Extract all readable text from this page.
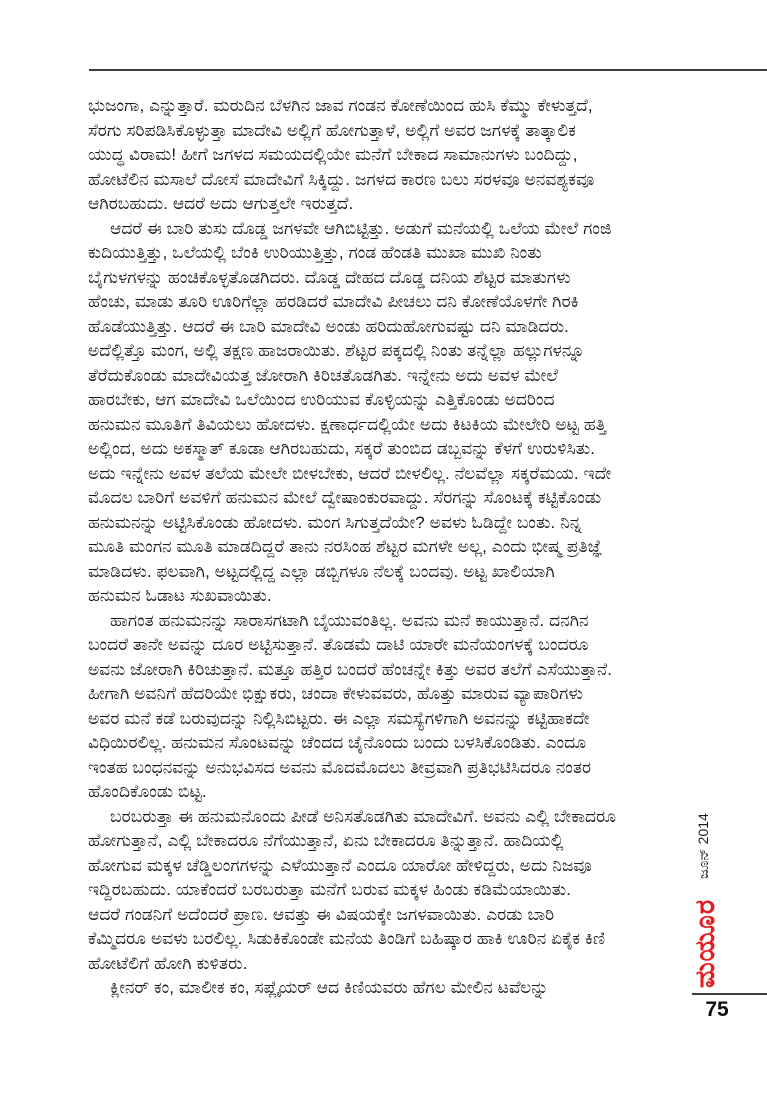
ಭುಜಂಗಾ, ಎನ್ನುತ್ತಾರೆ. ಮರುದಿನ ಬೆಳಗಿನ ಜಾವ ಗಂಡನ ಕೋಣೆಯಿಂದ ಹುಸಿ ಕೆಮ್ಮು ಕೇಳುತ್ತದೆ,
ಸೆರಗು ಸರಿಪಡಿಸಿಕೊಳ್ಳುತ್ತಾ ಮಾದೇವಿ ಅಲ್ಲಿಗೆ ಹೋಗುತ್ತಾಳೆ, ಅಲ್ಲಿಗೆ ಅವರ ಜಗಳಕ್ಕೆ ತಾತ್ಕಾಲಿಕ
ಯುದ್ಧ ವಿರಾಮ! ಹೀಗೆ ಜಗಳದ ಸಮಯದಲ್ಲಿಯೇ ಮನೆಗೆ ಬೇಕಾದ ಸಾಮಾನುಗಳು ಬಂದಿದ್ದು,
ಹೋಟೆಲಿನ ಮಸಾಲೆ ದೋಸೆ ಮಾದೇವಿಗೆ ಸಿಕ್ಕಿದ್ದು. ಜಗಳದ ಕಾರಣ ಬಲು ಸರಳವೂ ಅನವಶ್ಯಕವೂ
ಆಗಿರಬಹುದು. ಆದರೆ ಅದು ಆಗುತ್ತಲೇ ಇರುತ್ತದೆ.
ಆದರೆ ಈ ಬಾರಿ ತುಸು ದೊಡ್ಡ ಜಗಳವೇ ಆಗಿಬಿಟ್ಟಿತ್ತು. ಅಡುಗೆ ಮನೆಯಲ್ಲಿ ಒಲೆಯ ಮೇಲೆ ಗಂಜಿ
ಕುದಿಯುತ್ತಿತ್ತು, ಒಲೆಯಲ್ಲಿ ಬೆಂಕಿ ಉರಿಯುತ್ತಿತ್ತು, ಗಂಡ ಹೆಂಡತಿ ಮುಖಾ ಮುಖಿ ನಿಂತು
ಬೈಗುಳಗಳನ್ನು ಹಂಚಿಕೊಳ್ಳತೊಡಗಿದರು. ದೊಡ್ಡ ದೇಹದ ದೊಡ್ಡ ದನಿಯ ಶೆಟ್ಟರ ಮಾತುಗಳು
ಹೆಂಚು, ಮಾಡು ತೂರಿ ಊರಿಗೆಲ್ಲಾ ಹರಡಿದರೆ ಮಾದೇವಿ ಪೀಚಲು ದನಿ ಕೋಣೆಯೊಳಗೇ ಗಿರಕಿ
ಹೊಡೆಯುತ್ತಿತ್ತು. ಆದರೆ ಈ ಬಾರಿ ಮಾದೇವಿ ಅಂಡು ಹರಿದುಹೋಗುವಷ್ಟು ದನಿ ಮಾಡಿದರು.
ಅದೆಲ್ಲಿತ್ತೊ ಮಂಗ, ಅಲ್ಲಿ ತಕ್ಷಣ ಹಾಜರಾಯಿತು. ಶೆಟ್ಟರ ಪಕ್ಕದಲ್ಲಿ ನಿಂತು ತನ್ನೆಲ್ಲಾ ಹಲ್ಲುಗಳನ್ನೂ
ತೆರೆದುಕೊಂಡು ಮಾದೇವಿಯತ್ತ ಜೋರಾಗಿ ಕಿರಿಚತೊಡಗಿತು. ಇನ್ನೇನು ಅದು ಅವಳ ಮೇಲೆ
ಹಾರಬೇಕು, ಆಗ ಮಾದೇವಿ ಒಲೆಯಿಂದ ಉರಿಯುವ ಕೊಳ್ಳಿಯನ್ನು ಎತ್ತಿಕೊಂಡು ಅದರಿಂದ
ಹನುಮನ ಮೂತಿಗೆ ತಿವಿಯಲು ಹೋದಳು. ಕ್ಷಣಾರ್ಧದಲ್ಲಿಯೇ ಅದು ಕಿಟಕಿಯ ಮೇಲೇರಿ ಅಟ್ಟ ಹತ್ತಿ
ಅಲ್ಲಿಂದ, ಅದು ಅಕಸ್ಮಾತ್ ಕೂಡಾ ಆಗಿರಬಹುದು, ಸಕ್ಕರೆ ತುಂಬಿದ ಡಬ್ಬವನ್ನು ಕೆಳಗೆ ಉರುಳಿಸಿತು.
ಅದು ಇನ್ನೇನು ಅವಳ ತಲೆಯ ಮೇಲೇ ಬೀಳಬೇಕು, ಆದರೆ ಬೀಳಲಿಲ್ಲ. ನೆಲವೆಲ್ಲಾ ಸಕ್ಕರೆಮಯ. ಇದೇ
ಮೊದಲ ಬಾರಿಗೆ ಅವಳಿಗೆ ಹನುಮನ ಮೇಲೆ ದ್ವೇಷಾಂಕುರವಾದ್ದು. ಸೆರಗನ್ನು ಸೊಂಟಕ್ಕೆ ಕಟ್ಟಿಕೊಂಡು
ಹನುಮನನ್ನು ಅಟ್ಟಿಸಿಕೊಂಡು ಹೋದಳು. ಮಂಗ ಸಿಗುತ್ತದೆಯೇ? ಅವಳು ಓಡಿದ್ದೇ ಬಂತು. ನಿನ್ನ
ಮೂತಿ ಮಂಗನ ಮೂತಿ ಮಾಡದಿದ್ದರೆ ತಾನು ನರಸಿಂಹ ಶೆಟ್ಟರ ಮಗಳೇ ಅಲ್ಲ, ಎಂದು ಭೀಷ್ಮ ಪ್ರತಿಜ್ಞೆ
ಮಾಡಿದಳು. ಫಲವಾಗಿ, ಅಟ್ಟದಲ್ಲಿದ್ದ ಎಲ್ಲಾ ಡಬ್ಬಿಗಳೂ ನೆಲಕ್ಕೆ ಬಂದವು. ಅಟ್ಟ ಖಾಲಿಯಾಗಿ
ಹನುಮನ ಓಡಾಟ ಸುಖವಾಯಿತು.
ಹಾಗಂತ ಹನುಮನನ್ನು ಸಾರಾಸಗಟಾಗಿ ಬೈಯುವಂತಿಲ್ಲ. ಅವನು ಮನೆ ಕಾಯುತ್ತಾನೆ. ದನಗಿನ
ಬಂದರೆ ತಾನೇ ಅವನ್ನು ದೂರ ಅಟ್ಟಿಸುತ್ತಾನೆ. ತೊಡಮೆ ದಾಟಿ ಯಾರೇ ಮನೆಯಂಗಳಕ್ಕೆ ಬಂದರೂ
ಅವನು ಜೋರಾಗಿ ಕಿರಿಚುತ್ತಾನೆ. ಮತ್ತೂ ಹತ್ತಿರ ಬಂದರೆ ಹೆಂಚನ್ನೇ ಕಿತ್ತು ಅವರ ತಲೆಗೆ ಎಸೆಯುತ್ತಾನೆ.
ಹೀಗಾಗಿ ಅವನಿಗೆ ಹೆದರಿಯೇ ಭಿಕ್ಷುಕರು, ಚಂದಾ ಕೇಳುವವರು, ಹೊತ್ತು ಮಾರುವ ವ್ಯಾಪಾರಿಗಳು
ಅವರ ಮನೆ ಕಡೆ ಬರುವುದನ್ನು ನಿಲ್ಲಿಸಿಬಿಟ್ಟರು. ಈ ಎಲ್ಲಾ ಸಮಸ್ಯೆಗಳಿಗಾಗಿ ಅವನನ್ನು ಕಟ್ಟಿಹಾಕದೇ
ವಿಧಿಯಿರಲಿಲ್ಲ. ಹನುಮನ ಸೊಂಟವನ್ನು ಚೆಂದದ ಚೈನೊಂದು ಬಂದು ಬಳಸಿಕೊಂಡಿತು. ಎಂದೂ
ಇಂತಹ ಬಂಧನವನ್ನು ಅನುಭವಿಸದ ಅವನು ಮೊದಮೊದಲು ತೀವ್ರವಾಗಿ ಪ್ರತಿಭಟಿಸಿದರೂ ನಂತರ
ಹೊಂದಿಕೊಂಡು ಬಿಟ್ಟ.
ಬರಬರುತ್ತಾ ಈ ಹನುಮನೊಂದು ಪೀಡೆ ಅನಿಸತೊಡಗಿತು ಮಾದೇವಿಗೆ. ಅವನು ಎಲ್ಲಿ ಬೇಕಾದರೂ
ಹೋಗುತ್ತಾನೆ, ಎಲ್ಲಿ ಬೇಕಾದರೂ ನೆಗೆಯುತ್ತಾನೆ, ಏನು ಬೇಕಾದರೂ ತಿನ್ನುತ್ತಾನೆ. ಹಾದಿಯಲ್ಲಿ
ಹೋಗುವ ಮಕ್ಕಳ ಚೆಡ್ಡಿಲಂಗಗಳನ್ನು ಎಳೆಯುತ್ತಾನೆ ಎಂದೂ ಯಾರೋ ಹೇಳಿದ್ದರು, ಅದು ನಿಜವೂ
ಇದ್ದಿರಬಹುದು. ಯಾಕೆಂದರೆ ಬರಬರುತ್ತಾ ಮನೆಗೆ ಬರುವ ಮಕ್ಕಳ ಹಿಂಡು ಕಡಿಮೆಯಾಯಿತು.
ಆದರೆ ಗಂಡನಿಗೆ ಅದೆಂದರೆ ಪ್ರಾಣ. ಆವತ್ತು ಈ ವಿಷಯಕ್ಕೇ ಜಗಳವಾಯಿತು. ಎರಡು ಬಾರಿ
ಕೆಮ್ಮಿದರೂ ಅವಳು ಬರಲಿಲ್ಲ. ಸಿಡುಕಿಕೊಂಡೇ ಮನೆಯ ತಿಂಡಿಗೆ ಬಹಿಷ್ಕಾರ ಹಾಕಿ ಊರಿನ ಏಕೈಕ ಕಿಣಿ
ಹೋಟೆಲಿಗೆ ಹೋಗಿ ಕುಳಿತರು.
ಕ್ಲೀನರ್ ಕಂ, ಮಾಲೀಕ ಕಂ, ಸಪ್ಲೈಯರ್ ಆದ ಕಿಣಿಯವರು ಹೆಗಲ ಮೇಲಿನ ಟವೆಲನ್ನು	ಮಯೂರಜೂನ್ 2014
75
